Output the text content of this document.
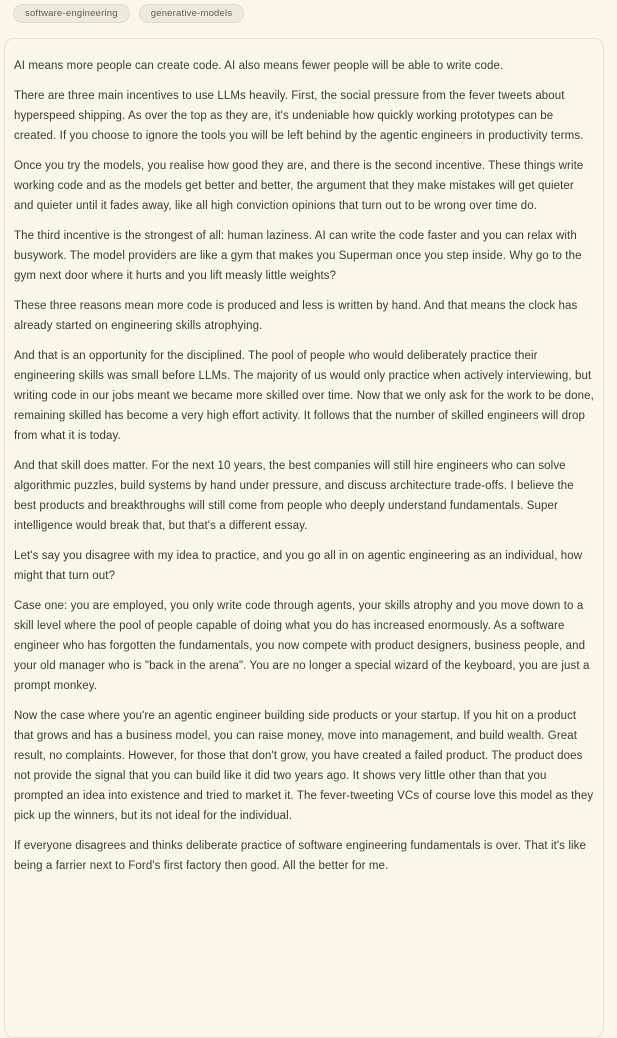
software-engineering	generative-models

AI means more people can create code. AI also means fewer people will be able to write code.

There are three main incentives to use LLMs heavily. First, the social pressure from the fever tweets about hyperspeed shipping. As over the top as they are, it's undeniable how quickly working prototypes can be created. If you choose to ignore the tools you will be left behind by the agentic engineers in productivity terms.

Once you try the models, you realise how good they are, and there is the second incentive. These things write working code and as the models get better and better, the argument that they make mistakes will get quieter and quieter until it fades away, like all high conviction opinions that turn out to be wrong over time do.

The third incentive is the strongest of all: human laziness. AI can write the code faster and you can relax with busywork. The model providers are like a gym that makes you Superman once you step inside. Why go to the gym next door where it hurts and you lift measly little weights?

These three reasons mean more code is produced and less is written by hand. And that means the clock has already started on engineering skills atrophying.

And that is an opportunity for the disciplined. The pool of people who would deliberately practice their engineering skills was small before LLMs. The majority of us would only practice when actively interviewing, but writing code in our jobs meant we became more skilled over time. Now that we only ask for the work to be done, remaining skilled has become a very high effort activity. It follows that the number of skilled engineers will drop from what it is today.

And that skill does matter. For the next 10 years, the best companies will still hire engineers who can solve algorithmic puzzles, build systems by hand under pressure, and discuss architecture trade-offs. I believe the best products and breakthroughs will still come from people who deeply understand fundamentals. Super intelligence would break that, but that's a different essay.

Let's say you disagree with my idea to practice, and you go all in on agentic engineering as an individual, how might that turn out?

Case one: you are employed, you only write code through agents, your skills atrophy and you move down to a skill level where the pool of people capable of doing what you do has increased enormously. As a software engineer who has forgotten the fundamentals, you now compete with product designers, business people, and your old manager who is "back in the arena". You are no longer a special wizard of the keyboard, you are just a prompt monkey.

Now the case where you're an agentic engineer building side products or your startup. If you hit on a product that grows and has a business model, you can raise money, move into management, and build wealth. Great result, no complaints. However, for those that don't grow, you have created a failed product. The product does not provide the signal that you can build like it did two years ago. It shows very little other than that you prompted an idea into existence and tried to market it. The fever-tweeting VCs of course love this model as they pick up the winners, but its not ideal for the individual.

If everyone disagrees and thinks deliberate practice of software engineering fundamentals is over. That it's like being a farrier next to Ford's first factory then good. All the better for me.
